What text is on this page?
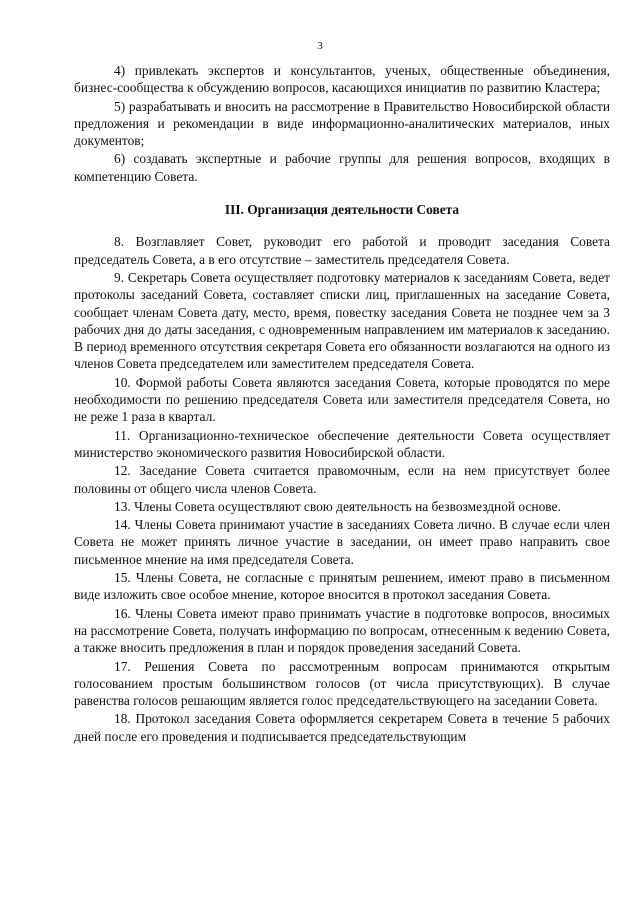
3

4) привлекать экспертов и консультантов, ученых, общественные объединения, бизнес-сообщества к обсуждению вопросов, касающихся инициатив по развитию Кластера;

5) разрабатывать и вносить на рассмотрение в Правительство Новосибирской области предложения и рекомендации в виде информационно-аналитических материалов, иных документов;

6) создавать экспертные и рабочие группы для решения вопросов, входящих в компетенцию Совета.

III. Организация деятельности Совета

8. Возглавляет Совет, руководит его работой и проводит заседания Совета председатель Совета, а в его отсутствие – заместитель председателя Совета.

9. Секретарь Совета осуществляет подготовку материалов к заседаниям Совета, ведет протоколы заседаний Совета, составляет списки лиц, приглашенных на заседание Совета, сообщает членам Совета дату, место, время, повестку заседания Совета не позднее чем за 3 рабочих дня до даты заседания, с одновременным направлением им материалов к заседанию. В период временного отсутствия секретаря Совета его обязанности возлагаются на одного из членов Совета председателем или заместителем председателя Совета.

10. Формой работы Совета являются заседания Совета, которые проводятся по мере необходимости по решению председателя Совета или заместителя председателя Совета, но не реже 1 раза в квартал.

11. Организационно-техническое обеспечение деятельности Совета осуществляет министерство экономического развития Новосибирской области.

12. Заседание Совета считается правомочным, если на нем присутствует более половины от общего числа членов Совета.

13. Члены Совета осуществляют свою деятельность на безвозмездной основе.

14. Члены Совета принимают участие в заседаниях Совета лично. В случае если член Совета не может принять личное участие в заседании, он имеет право направить свое письменное мнение на имя председателя Совета.

15. Члены Совета, не согласные с принятым решением, имеют право в письменном виде изложить свое особое мнение, которое вносится в протокол заседания Совета.

16. Члены Совета имеют право принимать участие в подготовке вопросов, вносимых на рассмотрение Совета, получать информацию по вопросам, отнесенным к ведению Совета, а также вносить предложения в план и порядок проведения заседаний Совета.

17. Решения Совета по рассмотренным вопросам принимаются открытым голосованием простым большинством голосов (от числа присутствующих). В случае равенства голосов решающим является голос председательствующего на заседании Совета.

18. Протокол заседания Совета оформляется секретарем Совета в течение 5 рабочих дней после его проведения и подписывается председательствующим
